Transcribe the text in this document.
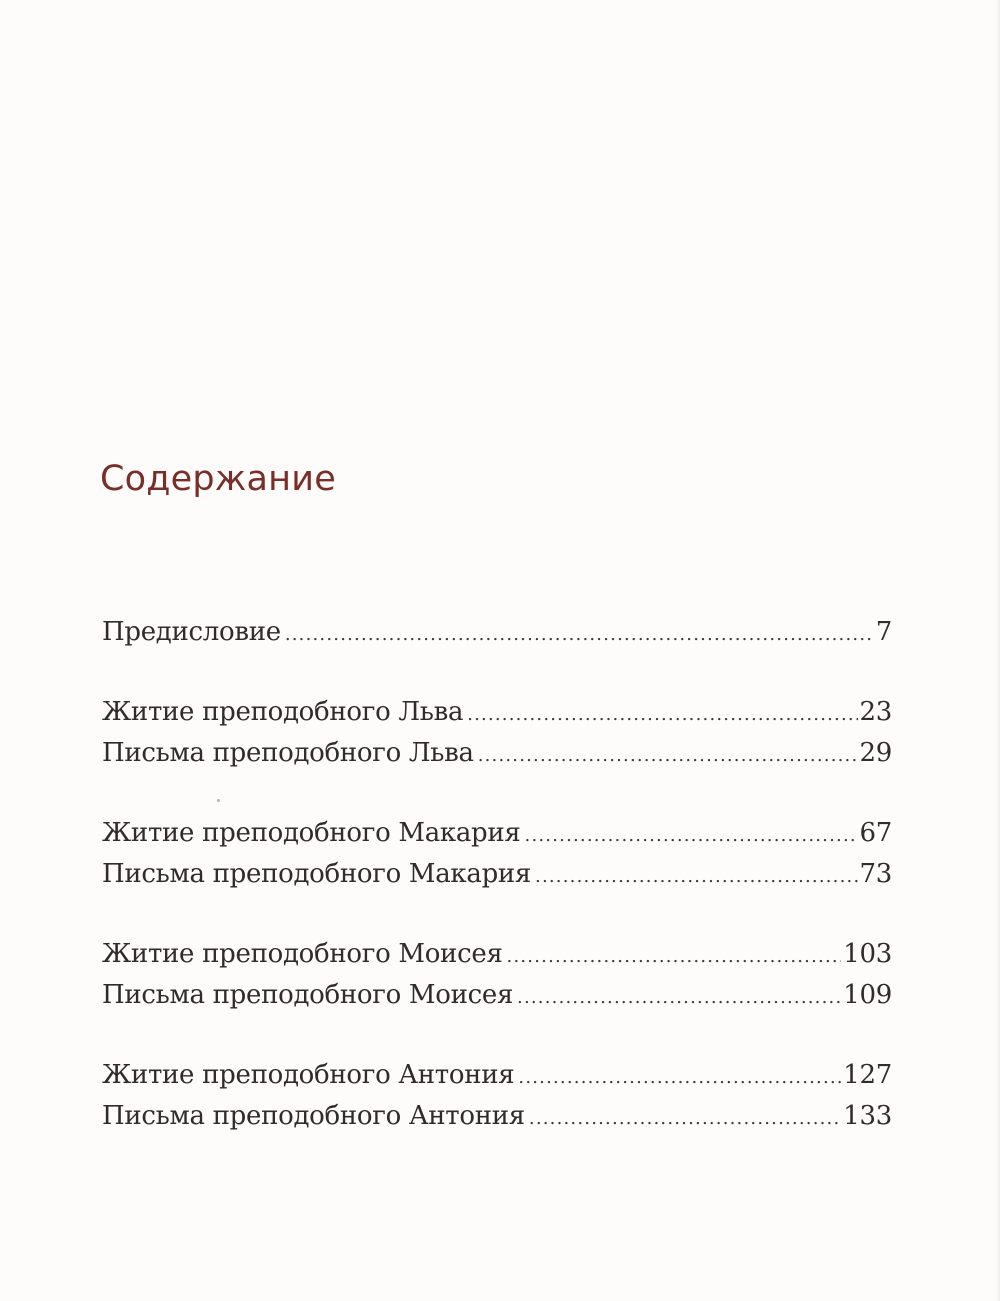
Содержание
Предисловие .....	7
Житие преподобного Льва .....	23
Письма преподобного Льва .....	29
Житие преподобного Макария .....	67
Письма преподобного Макария .....	73
Житие преподобного Моисея .....	103
Письма преподобного Моисея .....	109
Житие преподобного Антония .....	127
Письма преподобного Антония .....	133
